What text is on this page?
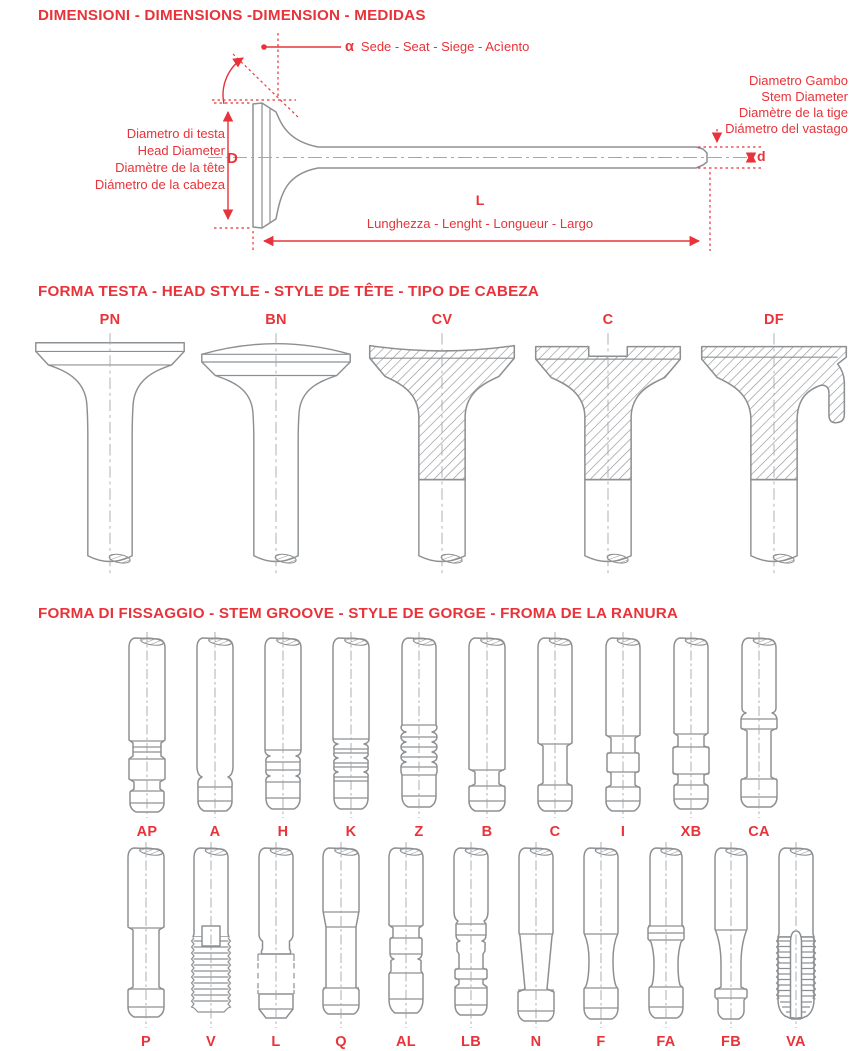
DIMENSIONI - DIMENSIONS -DIMENSION - MEDIDAS
α Sede - Seat - Siege - Acìento
Diametro Gambo
Stem Diameter
Diamètre de la tige
Diámetro del vastago
Diametro di testa
Head Diameter
Diamètre de la tête
Diámetro de la cabeza
D	d
L
Lunghezza - Lenght - Longueur - Largo
FORMA TESTA - HEAD STYLE - STYLE DE TÊTE - TIPO DE CABEZA
PN	BN	CV	C	DF
FORMA DI FISSAGGIO - STEM GROOVE - STYLE DE GORGE - FROMA DE LA RANURA
AP	A	H	K	Z	B	C	I	XB	CA
P	V	L	Q	AL	LB	N	F	FA	FB	VA
